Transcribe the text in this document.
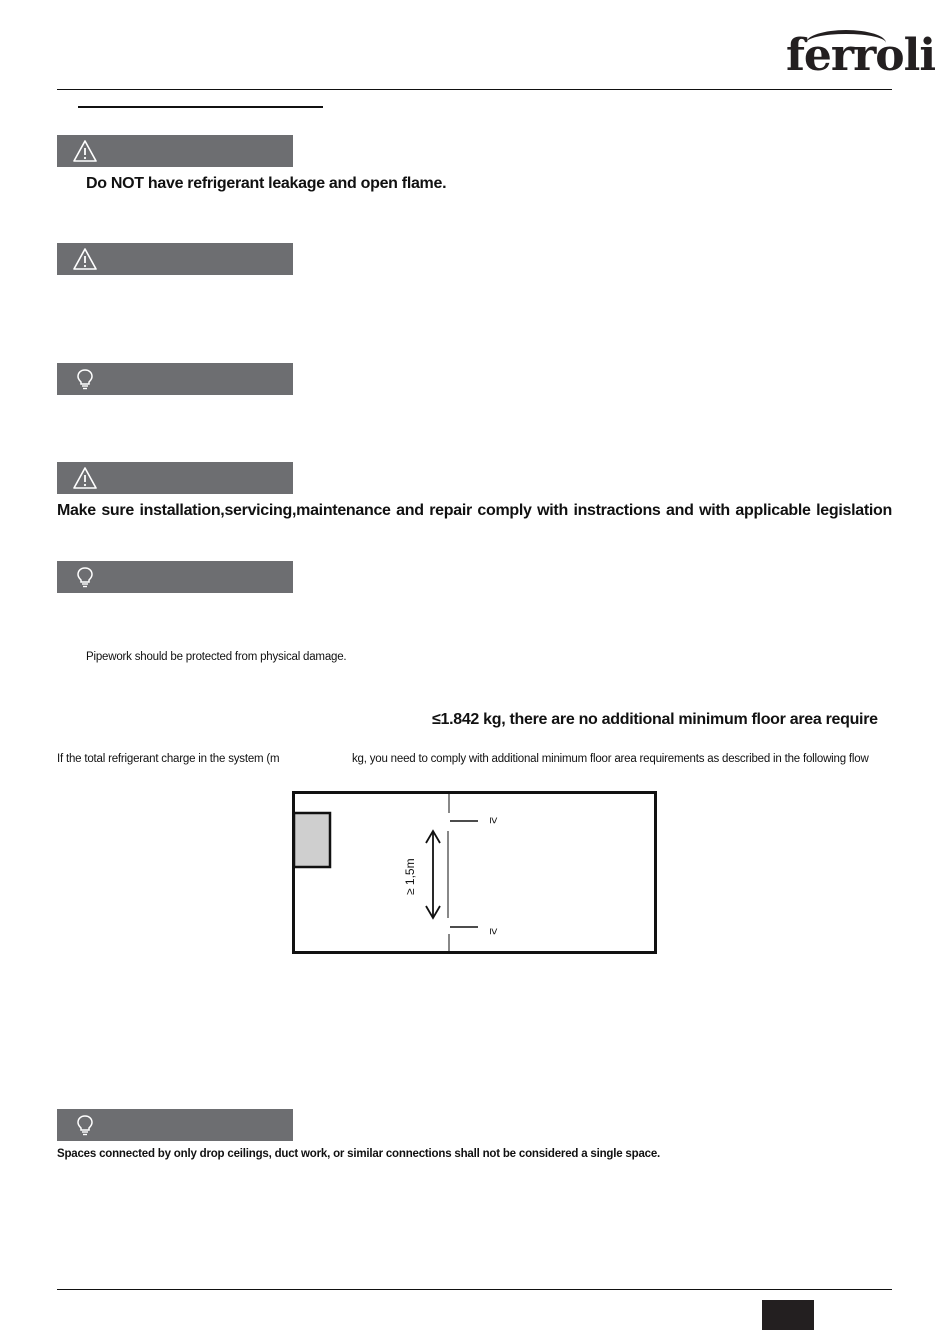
ferroli
Do NOT have refrigerant leakage and open flame.
Make sure installation,servicing,maintenance and repair comply with instractions and with applicable legislation
Pipework should be protected from physical damage.
≤1.842 kg, there are no additional minimum floor area require
If the total refrigerant charge in the system (m	kg, you need to comply with additional minimum floor area requirements as described in the following flow
≥ 1,5m
≥
≥
Spaces connected by only drop ceilings, duct work, or similar connections shall not be considered a single space.
